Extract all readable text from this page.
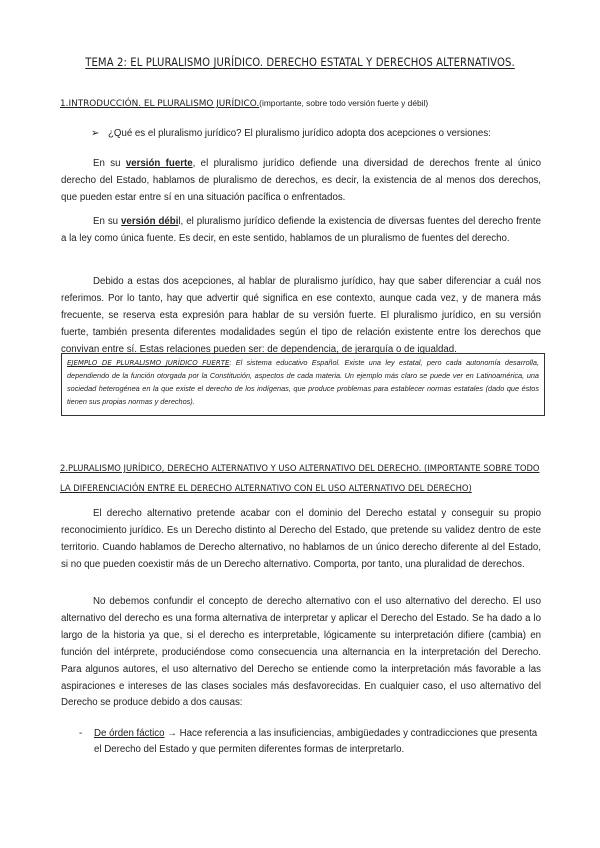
TEMA 2: EL PLURALISMO JURÍDICO. DERECHO ESTATAL Y DERECHOS ALTERNATIVOS.
1.INTRODUCCIÓN. EL PLURALISMO JURÍDICO.(importante, sobre todo versión fuerte y débil)
➢ ¿Qué es el pluralismo jurídico? El pluralismo jurídico adopta dos acepciones o versiones:
En su versión fuerte, el pluralismo jurídico defiende una diversidad de derechos frente al único derecho del Estado, hablamos de pluralismo de derechos, es decir, la existencia de al menos dos derechos, que pueden estar entre sí en una situación pacífica o enfrentados.
En su versión débil, el pluralismo jurídico defiende la existencia de diversas fuentes del derecho frente a la ley como única fuente. Es decir, en este sentido, hablamos de un pluralismo de fuentes del derecho.
Debido a estas dos acepciones, al hablar de pluralismo jurídico, hay que saber diferenciar a cuál nos referimos. Por lo tanto, hay que advertir qué significa en ese contexto, aunque cada vez, y de manera más frecuente, se reserva esta expresión para hablar de su versión fuerte. El pluralismo jurídico, en su versión fuerte, también presenta diferentes modalidades según el tipo de relación existente entre los derechos que convivan entre sí. Estas relaciones pueden ser: de dependencia, de jerarquía o de igualdad.
EJEMPLO DE PLURALISMO JURÍDICO FUERTE: El sistema educativo Español. Existe una ley estatal, pero cada autonomía desarrolla, dependiendo de la función otorgada por la Constitución, aspectos de cada materia. Un ejemplo más claro se puede ver en Latinoamérica, una sociedad heterogénea en la que existe el derecho de los indígenas, que produce problemas para establecer normas estatales (dado que éstos tienen sus propias normas y derechos).
2.PLURALISMO JURÍDICO, DERECHO ALTERNATIVO Y USO ALTERNATIVO DEL DERECHO. (IMPORTANTE SOBRE TODO LA DIFERENCIACIÓN ENTRE EL DERECHO ALTERNATIVO CON EL USO ALTERNATIVO DEL DERECHO)
El derecho alternativo pretende acabar con el dominio del Derecho estatal y conseguir su propio reconocimiento jurídico. Es un Derecho distinto al Derecho del Estado, que pretende su validez dentro de este territorio. Cuando hablamos de Derecho alternativo, no hablamos de un único derecho diferente al del Estado, si no que pueden coexistir más de un Derecho alternativo. Comporta, por tanto, una pluralidad de derechos.
No debemos confundir el concepto de derecho alternativo con el uso alternativo del derecho. El uso alternativo del derecho es una forma alternativa de interpretar y aplicar el Derecho del Estado. Se ha dado a lo largo de la historia ya que, si el derecho es interpretable, lógicamente su interpretación difiere (cambia) en función del intérprete, produciéndose como consecuencia una alternancia en la interpretación del Derecho. Para algunos autores, el uso alternativo del Derecho se entiende como la interpretación más favorable a las aspiraciones e intereses de las clases sociales más desfavorecidas. En cualquier caso, el uso alternativo del Derecho se produce debido a dos causas:
- De órden fáctico → Hace referencia a las insuficiencias, ambigüedades y contradicciones que presenta el Derecho del Estado y que permiten diferentes formas de interpretarlo.
